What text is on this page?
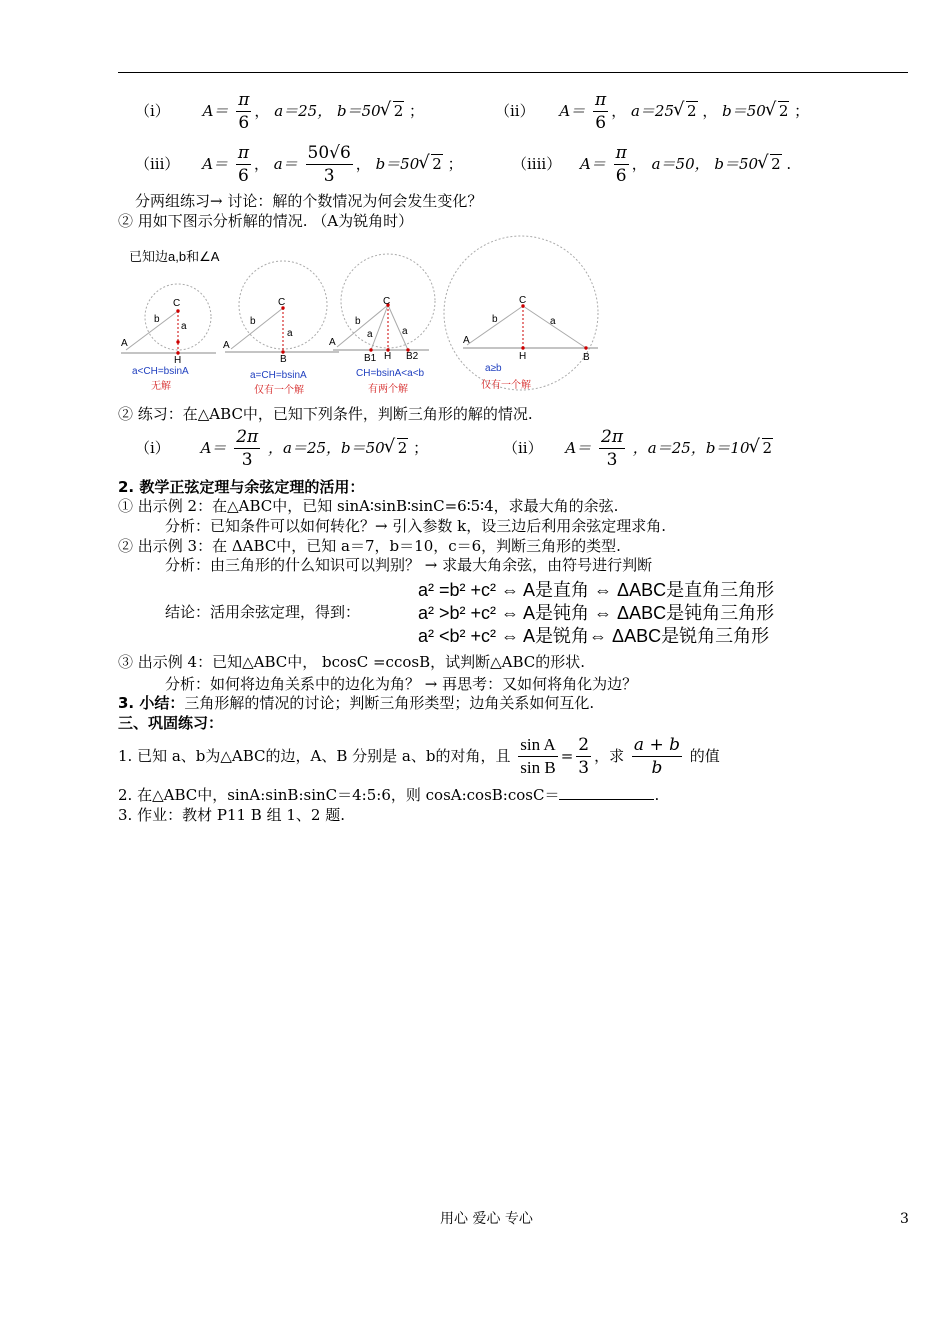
（i） $A= \frac{\pi}{6}$ ， a＝25， b＝50 √ 2 ；	（ii） $A= \frac{\pi}{6}$ ， a＝25 √ 2 ， b＝50 √ 2 ；
（iii） $A= \frac{\pi}{6}$ ， $a= \frac{50√6}{3}$ ， b＝50 √ 2 ；	（iiii） $A= \frac{\pi}{6}$ ， a＝50， b＝50 √ 2 .
分两组练习→ 讨论：解的个数情况为何会发生变化？
② 用如下图示分析解的情况. （A为锐角时）
已知边a,b和∠A
C
A
H
b
a
a<CH=bsinA
无解
C
A
B
b
a
a=CH=bsinA
仅有一个解
C
A
B1 H B2
b
a	a
CH=bsinA<a<b
有两个解
C
A
H	B
b	a
a≥b
仅有一个解
② 练习：在△ABC中，已知下列条件，判断三角形的解的情况.
（i） $A= \frac{2\pi}{3}$ ，a＝25，b＝50 √ 2 ；	（ii） $A= \frac{2\pi}{3}$ ，a＝25，b＝10 √ 2
2. 教学正弦定理与余弦定理的活用：
① 出示例 2：在△ABC中，已知 sinA∶sinB∶sinC=6∶5∶4，求最大角的余弦.
分析：已知条件可以如何转化？→ 引入参数 k，设三边后利用余弦定理求角.
② 出示例 3：在 ΔABC中，已知 a＝7，b＝10，c＝6，判断三角形的类型.
分析：由三角形的什么知识可以判别？ → 求最大角余弦，由符号进行判断
结论：活用余弦定理，得到：
a² =b² +c² ⇔ A是直角 ⇔ ΔABC是直角三角形
a² >b² +c² ⇔ A是钝角 ⇔ ΔABC是钝角三角形
a² <b² +c² ⇔ A是锐角⇔ ΔABC是锐角三角形
③ 出示例 4：已知△ABC中， bcosC =ccosB，试判断△ABC的形状.
分析：如何将边角关系中的边化为角？ → 再思考：又如何将角化为边？
3. 小结：三角形解的情况的讨论；判断三角形类型；边角关系如何互化.
三、巩固练习：
1. 已知 a、b为△ABC的边，A、B 分别是 a、b的对角，且 $\frac{\text{sin A}}{\text{sin B}} = \frac{2}{3}$ ，求 $\frac{a + b}{b}$ 的值
2. 在△ABC中，sinA:sinB:sinC＝4:5:6，则 cosA:cosB:cosC＝	.
3. 作业：教材 P11 B 组 1、2 题.
用心 爱心 专心	3
